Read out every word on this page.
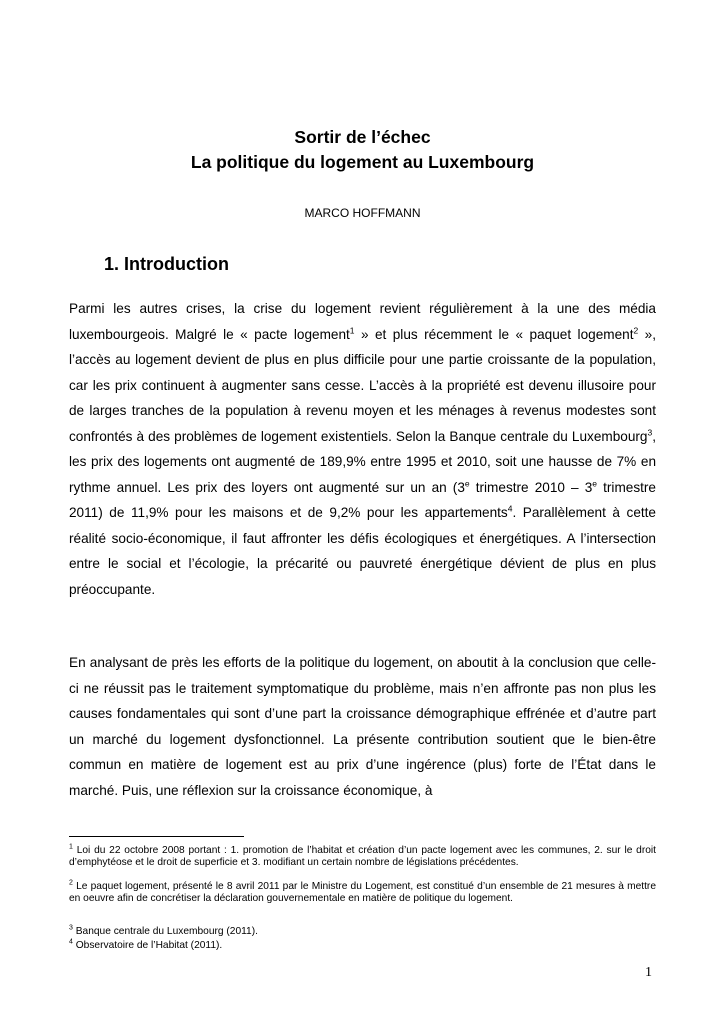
Sortir de l’échec
La politique du logement au Luxembourg
MARCO HOFFMANN
1. Introduction

Parmi les autres crises, la crise du logement revient régulièrement à la une des média luxembourgeois. Malgré le « pacte logement$^1$ » et plus récemment le « paquet logement$^2$ », l’accès au logement devient de plus en plus difficile pour une partie croissante de la population, car les prix continuent à augmenter sans cesse. L’accès à la propriété est devenu illusoire pour de larges tranches de la population à revenu moyen et les ménages à revenus modestes sont confrontés à des problèmes de logement existentiels. Selon la Banque centrale du Luxembourg$^3$, les prix des logements ont augmenté de 189,9% entre 1995 et 2010, soit une hausse de 7% en rythme annuel. Les prix des loyers ont augmenté sur un an (3e trimestre 2010 – 3e trimestre 2011) de 11,9% pour les maisons et de 9,2% pour les appartements$^4$. Parallèlement à cette réalité socio-économique, il faut affronter les défis écologiques et énergétiques. A l’intersection entre le social et l’écologie, la précarité ou pauvreté énergétique dévient de plus en plus préoccupante.

En analysant de près les efforts de la politique du logement, on aboutit à la conclusion que celle-ci ne réussit pas le traitement symptomatique du problème, mais n’en affronte pas non plus les causes fondamentales qui sont d’une part la croissance démographique effrénée et d’autre part un marché du logement dysfonctionnel. La présente contribution soutient que le bien-être commun en matière de logement est au prix d’une ingérence (plus) forte de l’État dans le marché. Puis, une réflexion sur la croissance économique, à

$^1$ Loi du 22 octobre 2008 portant : 1. promotion de l’habitat et création d’un pacte logement avec les communes, 2. sur le droit d’emphytéose et le droit de superficie et 3. modifiant un certain nombre de législations précédentes.

$^2$ Le paquet logement, présenté le 8 avril 2011 par le Ministre du Logement, est constitué d’un ensemble de 21 mesures à mettre en oeuvre afin de concrétiser la déclaration gouvernementale en matière de politique du logement.

$^3$ Banque centrale du Luxembourg (2011).

$^4$ Observatoire de l’Habitat (2011).

1
